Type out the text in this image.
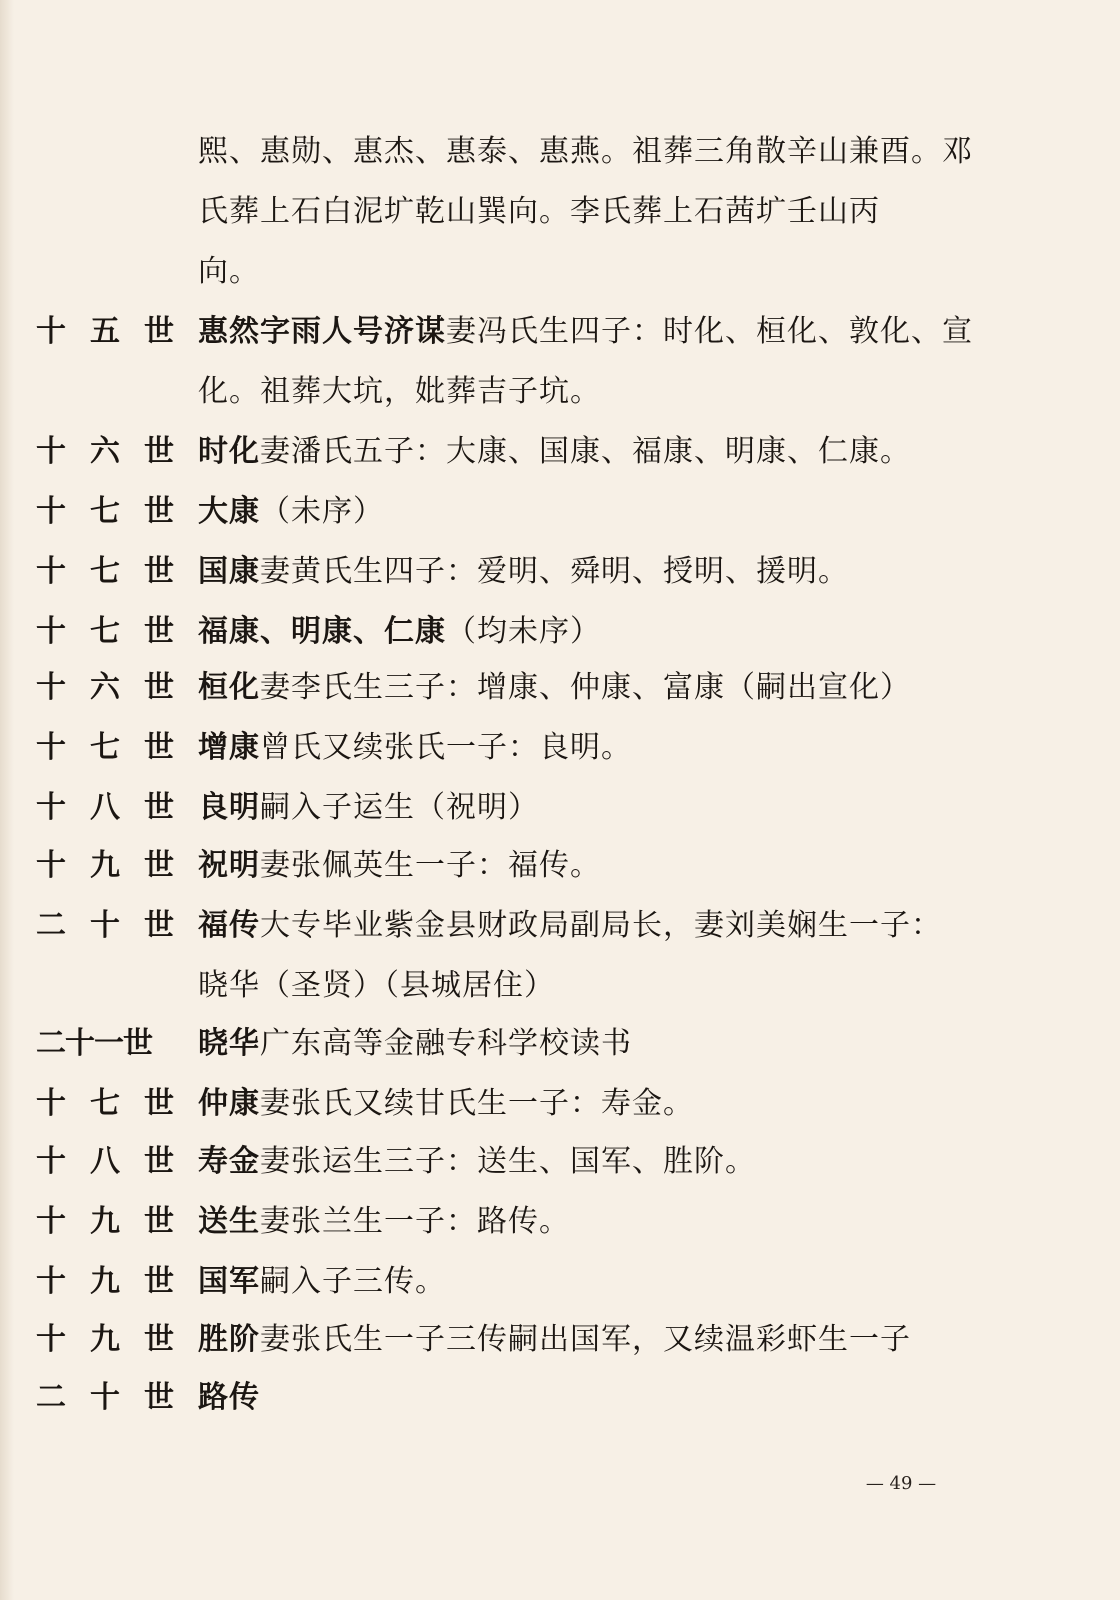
熙、惠勋、惠杰、惠泰、惠燕。祖葬三角散辛山兼酉。邓
氏葬上石白泥圹乾山巽向。李氏葬上石茜圹壬山丙
向。
十 五 世 惠然字雨人号济谋妻冯氏生四子：时化、桓化、敦化、宣
化。祖葬大坑，妣葬吉子坑。
十 六 世 时化妻潘氏五子：大康、国康、福康、明康、仁康。
十 七 世 大康（未序）
十 七 世 国康妻黄氏生四子：爱明、舜明、授明、援明。
十 七 世 福康、明康、仁康（均未序）
十 六 世 桓化妻李氏生三子：增康、仲康、富康（嗣出宣化）
十 七 世 增康曾氏又续张氏一子：良明。
十 八 世 良明嗣入子运生（祝明）
十 九 世 祝明妻张佩英生一子：福传。
二 十 世 福传大专毕业紫金县财政局副局长，妻刘美娴生一子：
晓华（圣贤）（县城居住）
二十一世 晓华广东高等金融专科学校读书
十 七 世 仲康妻张氏又续甘氏生一子：寿金。
十 八 世 寿金妻张运生三子：送生、国军、胜阶。
十 九 世 送生妻张兰生一子：路传。
十 九 世 国军嗣入子三传。
十 九 世 胜阶妻张氏生一子三传嗣出国军，又续温彩虾生一子
二 十 世 路传
— 49 —
